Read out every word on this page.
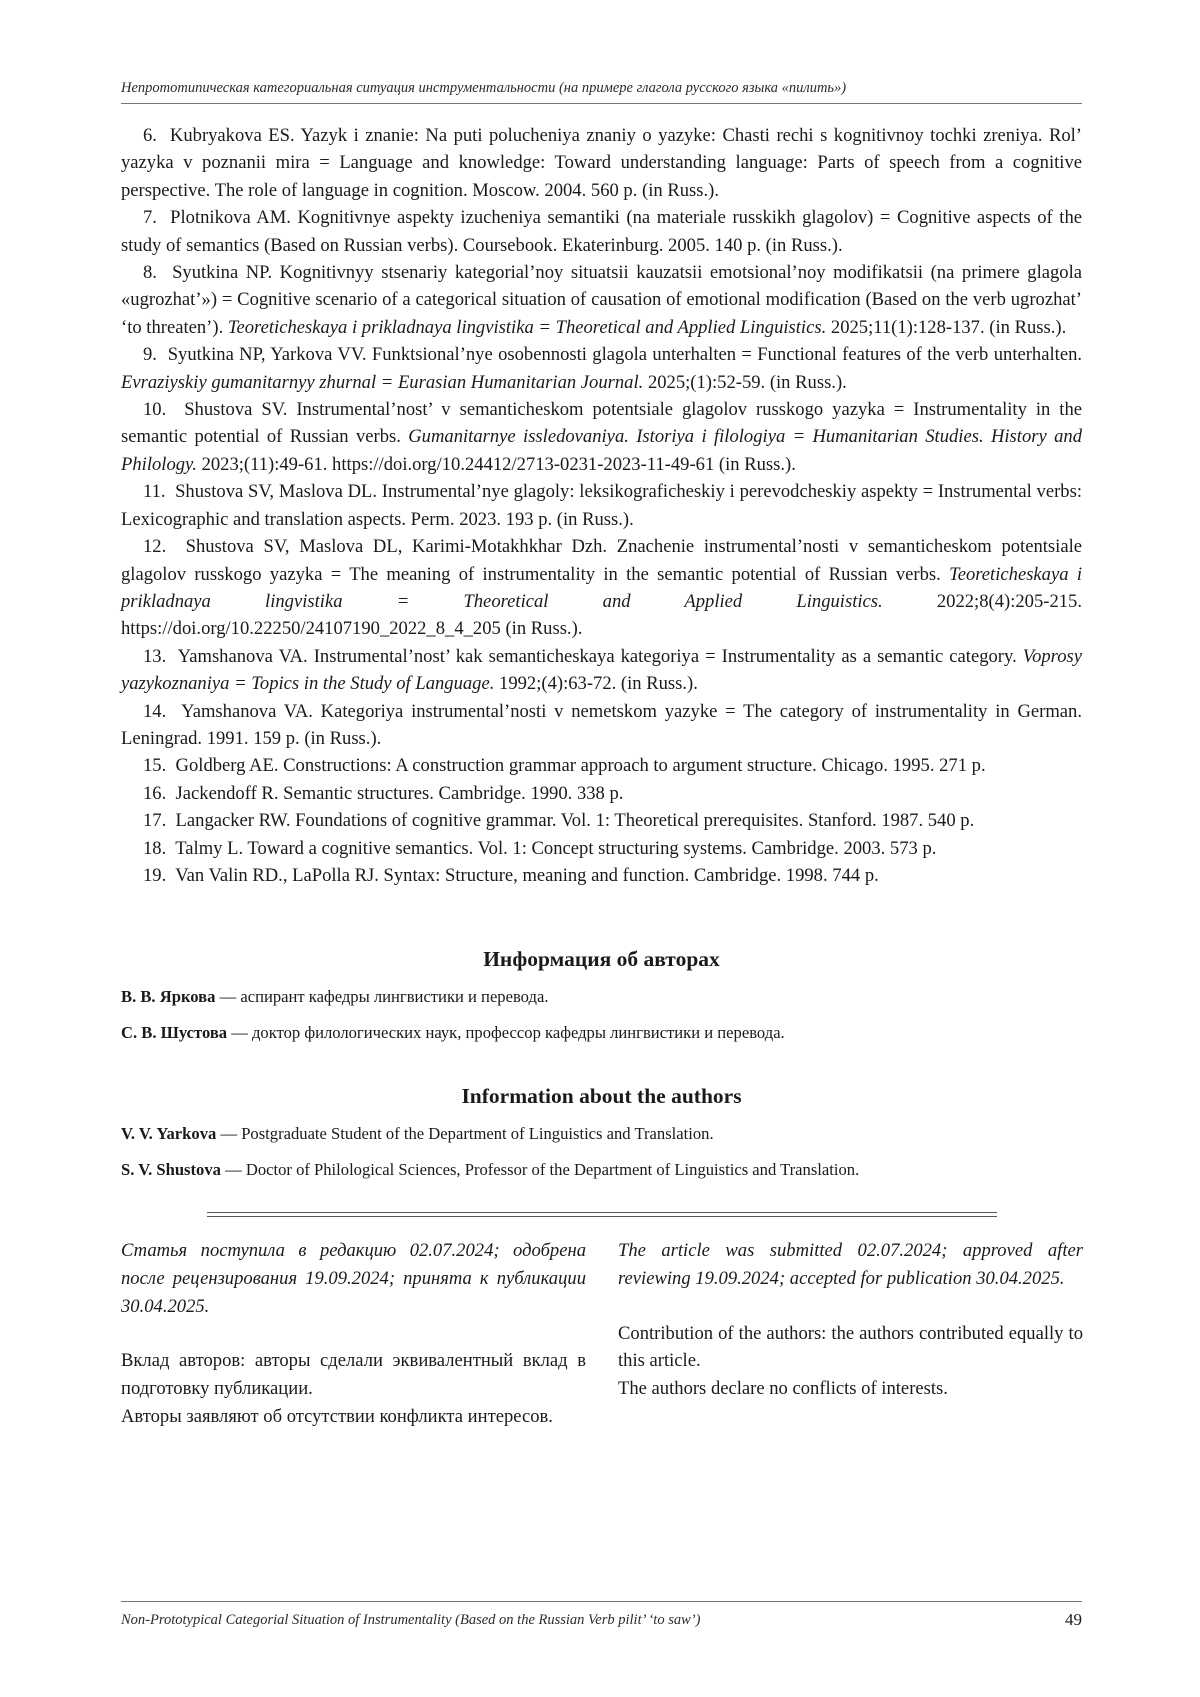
Непрототипическая категориальная ситуация инструментальности (на примере глагола русского языка «пилить»)

6. Kubryakova ES. Yazyk i znanie: Na puti polucheniya znaniy o yazyke: Chasti rechi s kognitivnoy tochki zreniya. Rol’ yazyka v poznanii mira = Language and knowledge: Toward understanding language: Parts of speech from a cognitive perspective. The role of language in cognition. Moscow. 2004. 560 p. (in Russ.).

7. Plotnikova AM. Kognitivnye aspekty izucheniya semantiki (na materiale russkikh glagolov) = Cognitive aspects of the study of semantics (Based on Russian verbs). Coursebook. Ekaterinburg. 2005. 140 p. (in Russ.).

8. Syutkina NP. Kognitivnyy stsenariy kategorial’noy situatsii kauzatsii emotsional’noy modifikatsii (na primere glagola «ugrozhat’») = Cognitive scenario of a categorical situation of causation of emotional modification (Based on the verb ugrozhat’ ‘to threaten’). Teoreticheskaya i prikladnaya lingvistika = Theoretical and Applied Linguistics. 2025;11(1):128-137. (in Russ.).

9. Syutkina NP, Yarkova VV. Funktsional’nye osobennosti glagola unterhalten = Functional features of the verb unterhalten. Evraziyskiy gumanitarnyy zhurnal = Eurasian Humanitarian Journal. 2025;(1):52-59. (in Russ.).

10. Shustova SV. Instrumental’nost’ v semanticheskom potentsiale glagolov russkogo yazyka = Instrumentality in the semantic potential of Russian verbs. Gumanitarnye issledovaniya. Istoriya i filologiya = Humanitarian Studies. History and Philology. 2023;(11):49-61. https://doi.org/10.24412/2713-0231-2023-11-49-61 (in Russ.).

11. Shustova SV, Maslova DL. Instrumental’nye glagoly: leksikograficheskiy i perevodcheskiy aspekty = Instrumental verbs: Lexicographic and translation aspects. Perm. 2023. 193 p. (in Russ.).

12. Shustova SV, Maslova DL, Karimi-Motakhkhar Dzh. Znachenie instrumental’nosti v semanticheskom potentsiale glagolov russkogo yazyka = The meaning of instrumentality in the semantic potential of Russian verbs. Teoreticheskaya i prikladnaya lingvistika = Theoretical and Applied Linguistics.	2022;8(4):205-215. https://doi.org/10.22250/24107190_2022_8_4_205 (in Russ.).

13. Yamshanova VA. Instrumental’nost’ kak semanticheskaya kategoriya = Instrumentality as a semantic category. Voprosy yazykoznaniya = Topics in the Study of Language. 1992;(4):63-72. (in Russ.).

14. Yamshanova VA. Kategoriya instrumental’nosti v nemetskom yazyke = The category of instrumentality in German. Leningrad. 1991. 159 p. (in Russ.).

15. Goldberg AE. Constructions: A construction grammar approach to argument structure. Chicago. 1995. 271 p.

16. Jackendoff R. Semantic structures. Cambridge. 1990. 338 p.

17. Langacker RW. Foundations of cognitive grammar. Vol. 1: Theoretical prerequisites. Stanford. 1987. 540 p.

18. Talmy L. Toward a cognitive semantics. Vol. 1: Concept structuring systems. Cambridge. 2003. 573 p.

19. Van Valin RD., LaPolla RJ. Syntax: Structure, meaning and function. Cambridge. 1998. 744 p.

Информация об авторах

В. В. Яркова — аспирант кафедры лингвистики и перевода.

С. В. Шустова — доктор филологических наук, профессор кафедры лингвистики и перевода.

Information about the authors

V. V. Yarkova — Postgraduate Student of the Department of Linguistics and Translation.

S. V. Shustova — Doctor of Philological Sciences, Professor of the Department of Linguistics and Translation.

Статья поступила в редакцию 02.07.2024; одобрена после рецензирования 19.09.2024; принята к публикации 30.04.2025.

Вклад авторов: авторы сделали эквивалентный вклад в подготовку публикации.

Авторы заявляют об отсутствии конфликта интересов.

The article was submitted 02.07.2024; approved after reviewing 19.09.2024; accepted for publication 30.04.2025.

Contribution of the authors: the authors contributed equally to this article.

The authors declare no conflicts of interests.

Non-Prototypical Categorial Situation of Instrumentality (Based on the Russian Verb pilit’ ‘to saw’)	49
